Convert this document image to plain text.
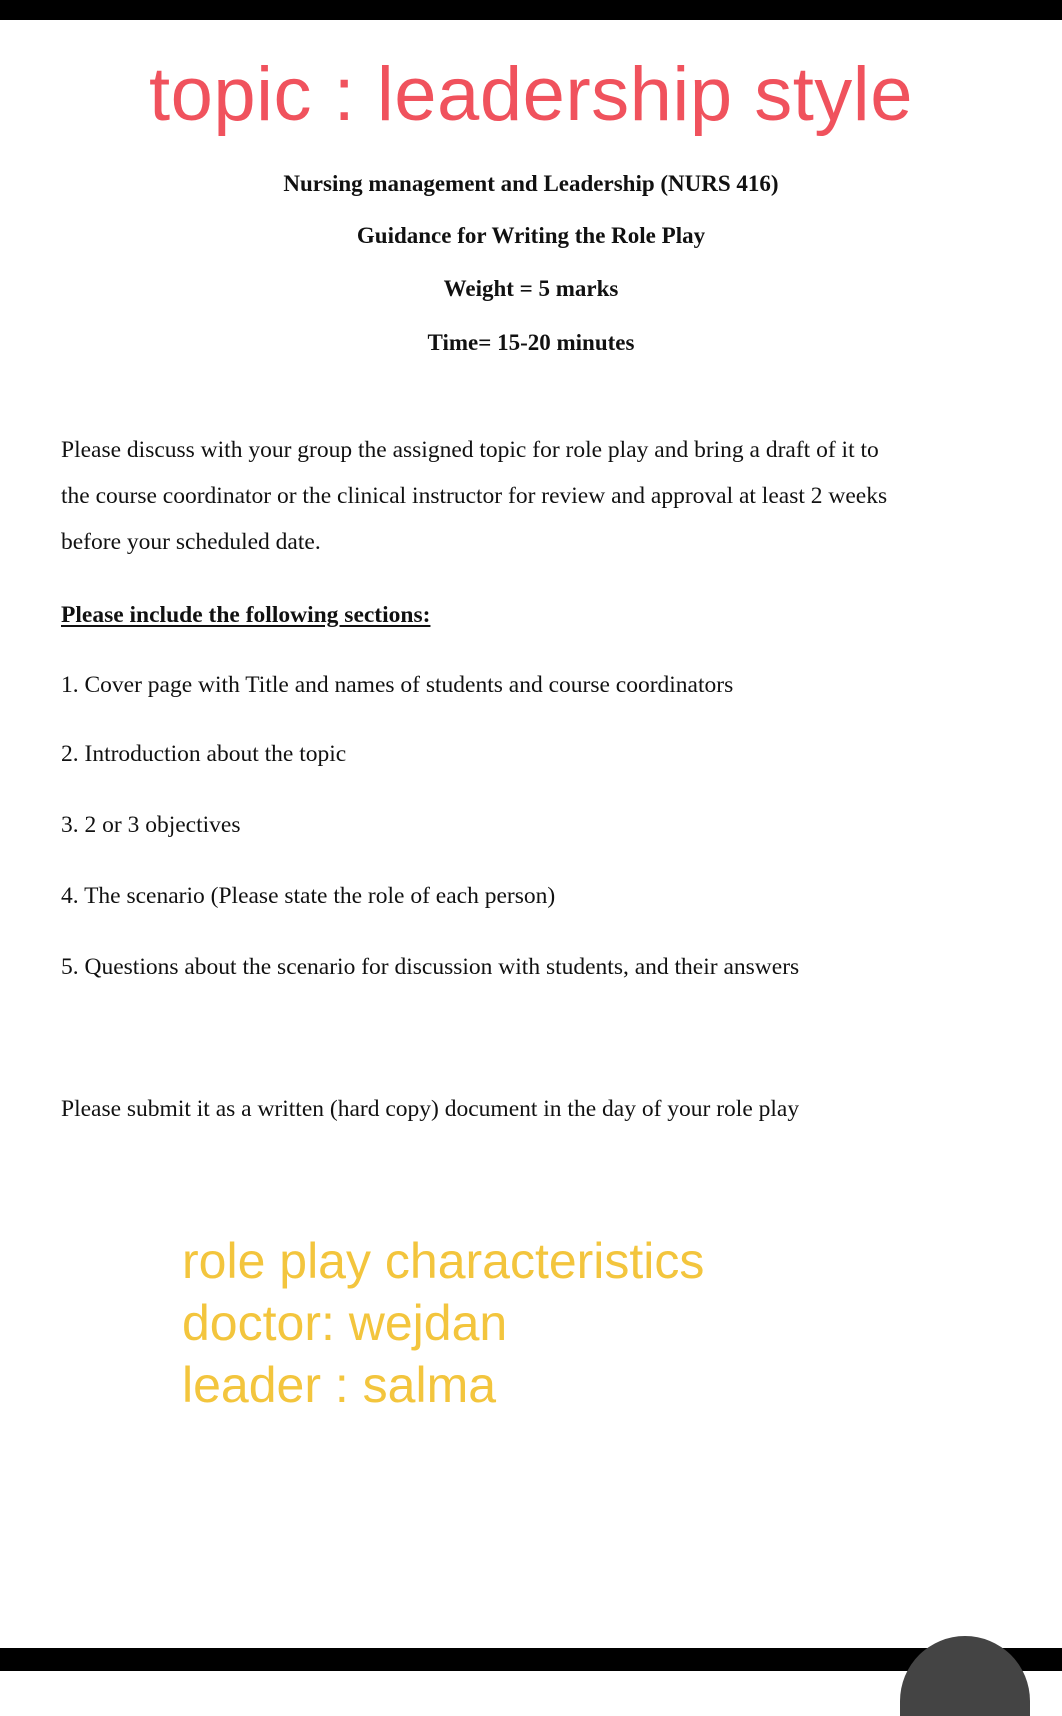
topic : leadership style
Nursing management and Leadership (NURS 416)
Guidance for Writing the Role Play
Weight = 5 marks
Time= 15-20 minutes
Please discuss with your group the assigned topic for role play and bring a draft of it to
the course coordinator or the clinical instructor for review and approval at least 2 weeks
before your scheduled date.
Please include the following sections:
1. Cover page with Title and names of students and course coordinators
2. Introduction about the topic
3. 2 or 3 objectives
4. The scenario (Please state the role of each person)
5. Questions about the scenario for discussion with students, and their answers
Please submit it as a written (hard copy) document in the day of your role play
role play characteristics
doctor: wejdan
leader : salma
